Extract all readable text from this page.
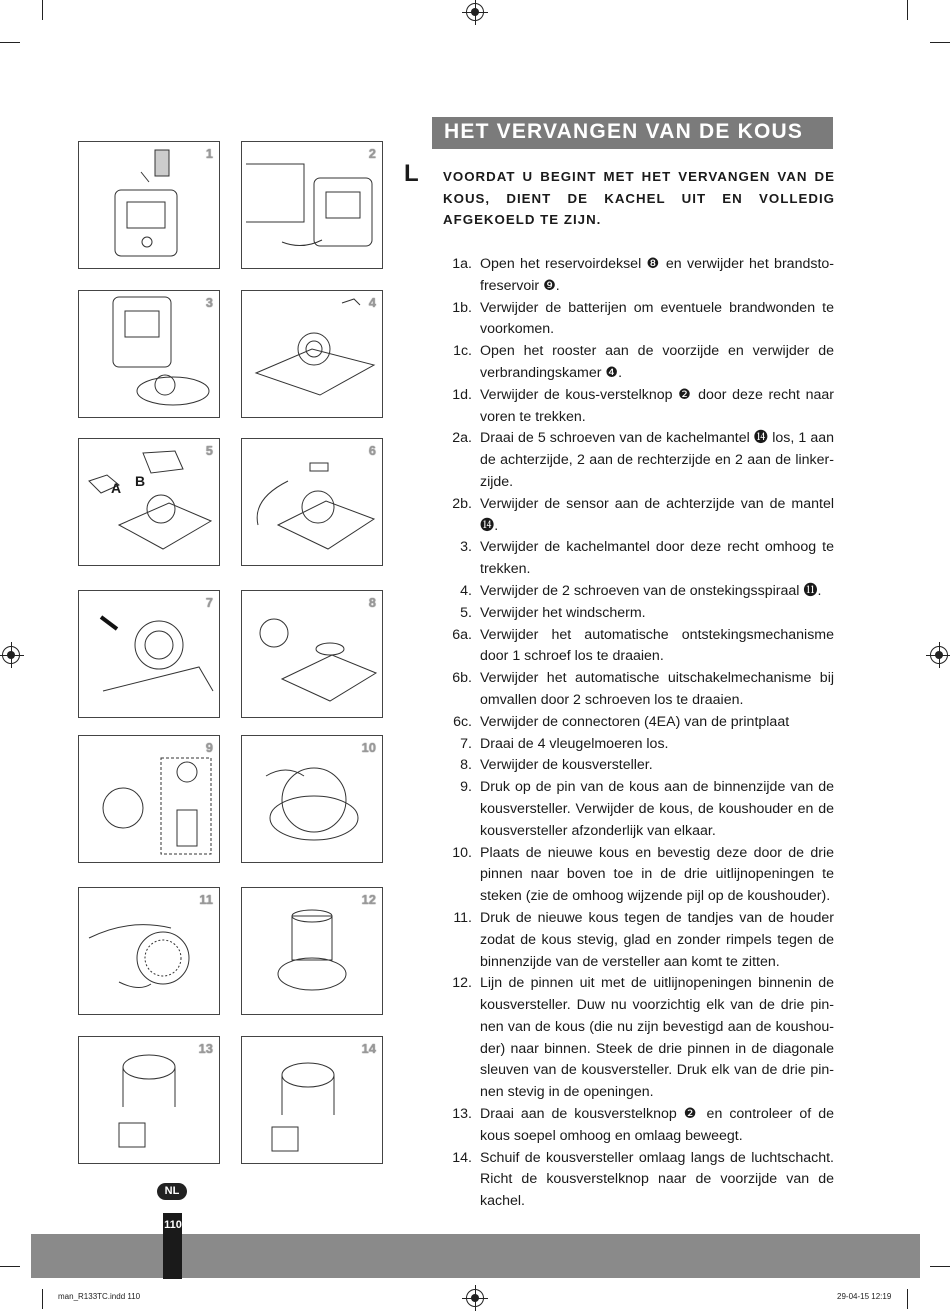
HET VERVANGEN VAN DE KOUS
L VOORDAT U BEGINT MET HET VERVANGEN VAN DE KOUS, DIENT DE KACHEL UIT EN VOLLEDIG AFGEKOELD TE ZIJN.
1a. Open het reservoirdeksel ❽ en verwijder het brandsto- freservoir ❾.
1b. Verwijder de batterijen om eventuele brandwonden te voorkomen.
1c. Open het rooster aan de voorzijde en verwijder de verbrandingskamer ❹.
1d. Verwijder de kous-verstelknop ❷ door deze recht naar voren te trekken.
2a. Draai de 5 schroeven van de kachelmantel ⓮ los, 1 aan de achterzijde, 2 aan de rechterzijde en 2 aan de linker- zijde.
2b. Verwijder de sensor aan de achterzijde van de mantel ⓮.
3. Verwijder de kachelmantel door deze recht omhoog te trekken.
4. Verwijder de 2 schroeven van de onstekingsspiraal ⓫.
5. Verwijder het windscherm.
6a. Verwijder het automatische ontstekingsmechanisme door 1 schroef los te draaien.
6b. Verwijder het automatische uitschakelmechanisme bij omvallen door 2 schroeven los te draaien.
6c. Verwijder de connectoren (4EA) van de printplaat
7. Draai de 4 vleugelmoeren los.
8. Verwijder de kousversteller.
9. Druk op de pin van de kous aan de binnenzijde van de kousversteller. Verwijder de kous, de koushouder en de kousversteller afzonderlijk van elkaar.
10. Plaats de nieuwe kous en bevestig deze door de drie pinnen naar boven toe in de drie uitlijnopeningen te steken (zie de omhoog wijzende pijl op de koushouder).
11. Druk de nieuwe kous tegen de tandjes van de houder zodat de kous stevig, glad en zonder rimpels tegen de binnenzijde van de versteller aan komt te zitten.
12. Lijn de pinnen uit met de uitlijnopeningen binnenin de kousversteller. Duw nu voorzichtig elk van de drie pin- nen van de kous (die nu zijn bevestigd aan de koushou- der) naar binnen. Steek de drie pinnen in de diagonale sleuven van de kousversteller. Druk elk van de drie pin- nen stevig in de openingen.
13. Draai aan de kousverstelknop ❷ en controleer of de kous soepel omhoog en omlaag beweegt.
14. Schuif de kousversteller omlaag langs de luchtschacht. Richt de kousverstelknop naar de voorzijde van de kachel.
1	2
3	4
A B
5	6
7	8
9	10
11	12
13	14
NL
110
man_R133TC.indd 110	29-04-15 12:19
